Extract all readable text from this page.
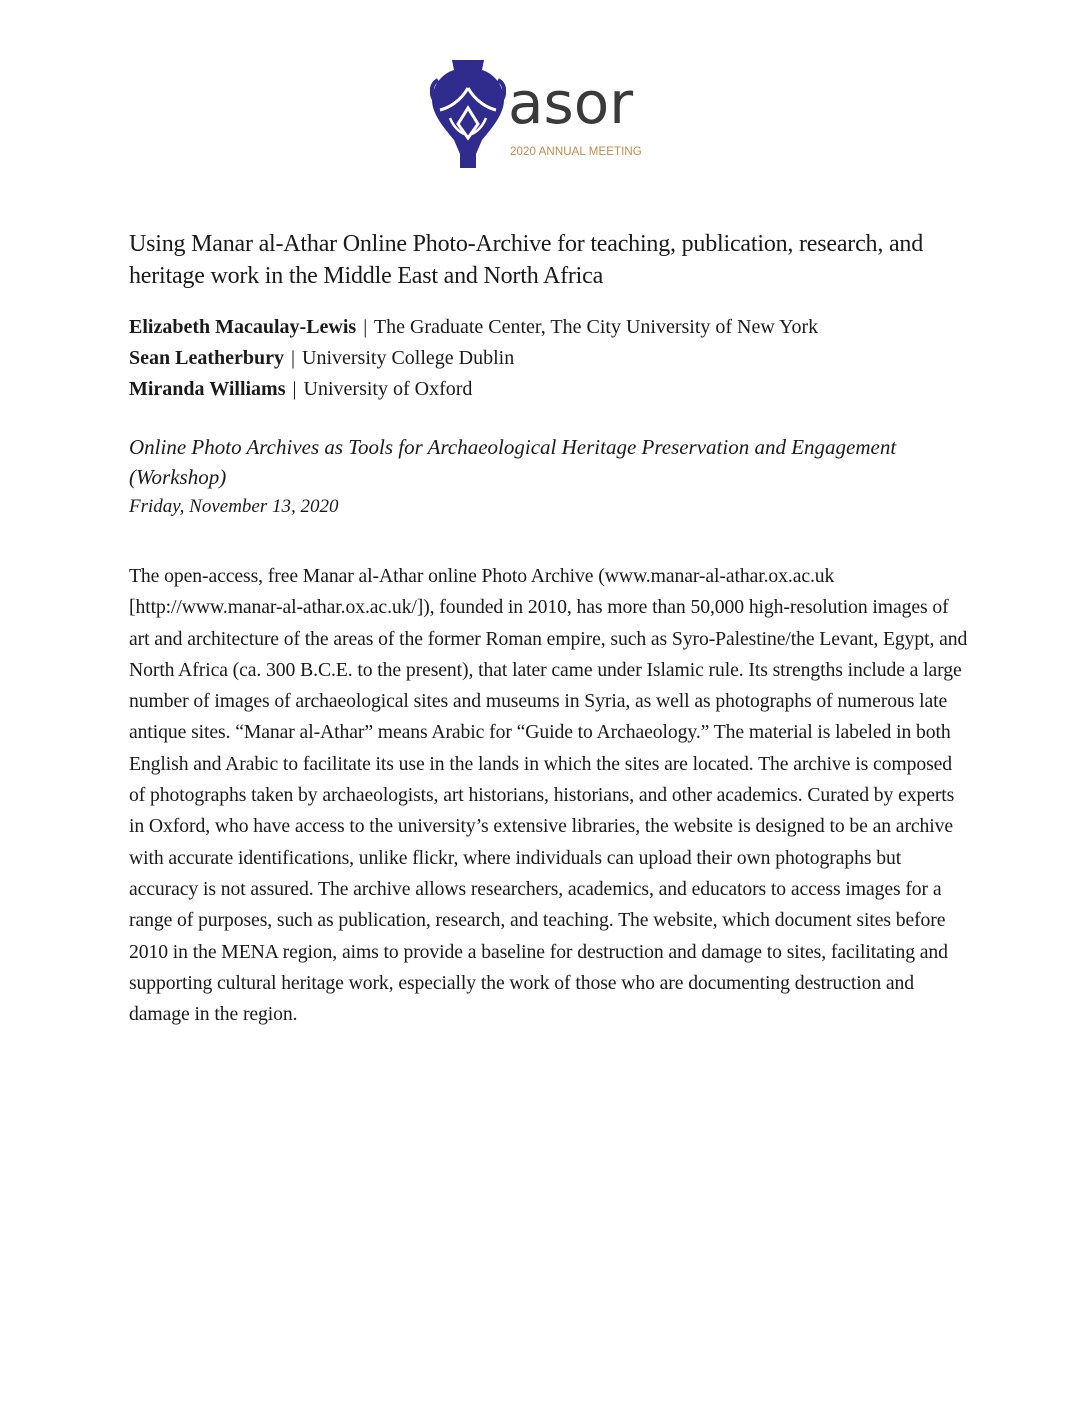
asor
2020 ANNUAL MEETING
Using Manar al-Athar Online Photo-Archive for teaching, publication, research, and heritage work in the Middle East and North Africa
Elizabeth Macaulay-Lewis | The Graduate Center, The City University of New York
Sean Leatherbury | University College Dublin
Miranda Williams | University of Oxford
Online Photo Archives as Tools for Archaeological Heritage Preservation and Engagement (Workshop)
Friday, November 13, 2020

The open-access, free Manar al-Athar online Photo Archive (www.manar-al-athar.ox.ac.uk [http://www.manar-al-athar.ox.ac.uk/]), founded in 2010, has more than 50,000 high-resolution images of art and architecture of the areas of the former Roman empire, such as Syro-Palestine/the Levant, Egypt, and North Africa (ca. 300 B.C.E. to the present), that later came under Islamic rule. Its strengths include a large number of images of archaeological sites and museums in Syria, as well as photographs of numerous late antique sites. “Manar al-Athar” means Arabic for “Guide to Archaeology.” The material is labeled in both English and Arabic to facilitate its use in the lands in which the sites are located. The archive is composed of photographs taken by archaeologists, art historians, historians, and other academics. Curated by experts in Oxford, who have access to the university’s extensive libraries, the website is designed to be an archive with accurate identifications, unlike flickr, where individuals can upload their own photographs but accuracy is not assured. The archive allows researchers, academics, and educators to access images for a range of purposes, such as publication, research, and teaching. The website, which document sites before 2010 in the MENA region, aims to provide a baseline for destruction and damage to sites, facilitating and supporting cultural heritage work, especially the work of those who are documenting destruction and damage in the region.
